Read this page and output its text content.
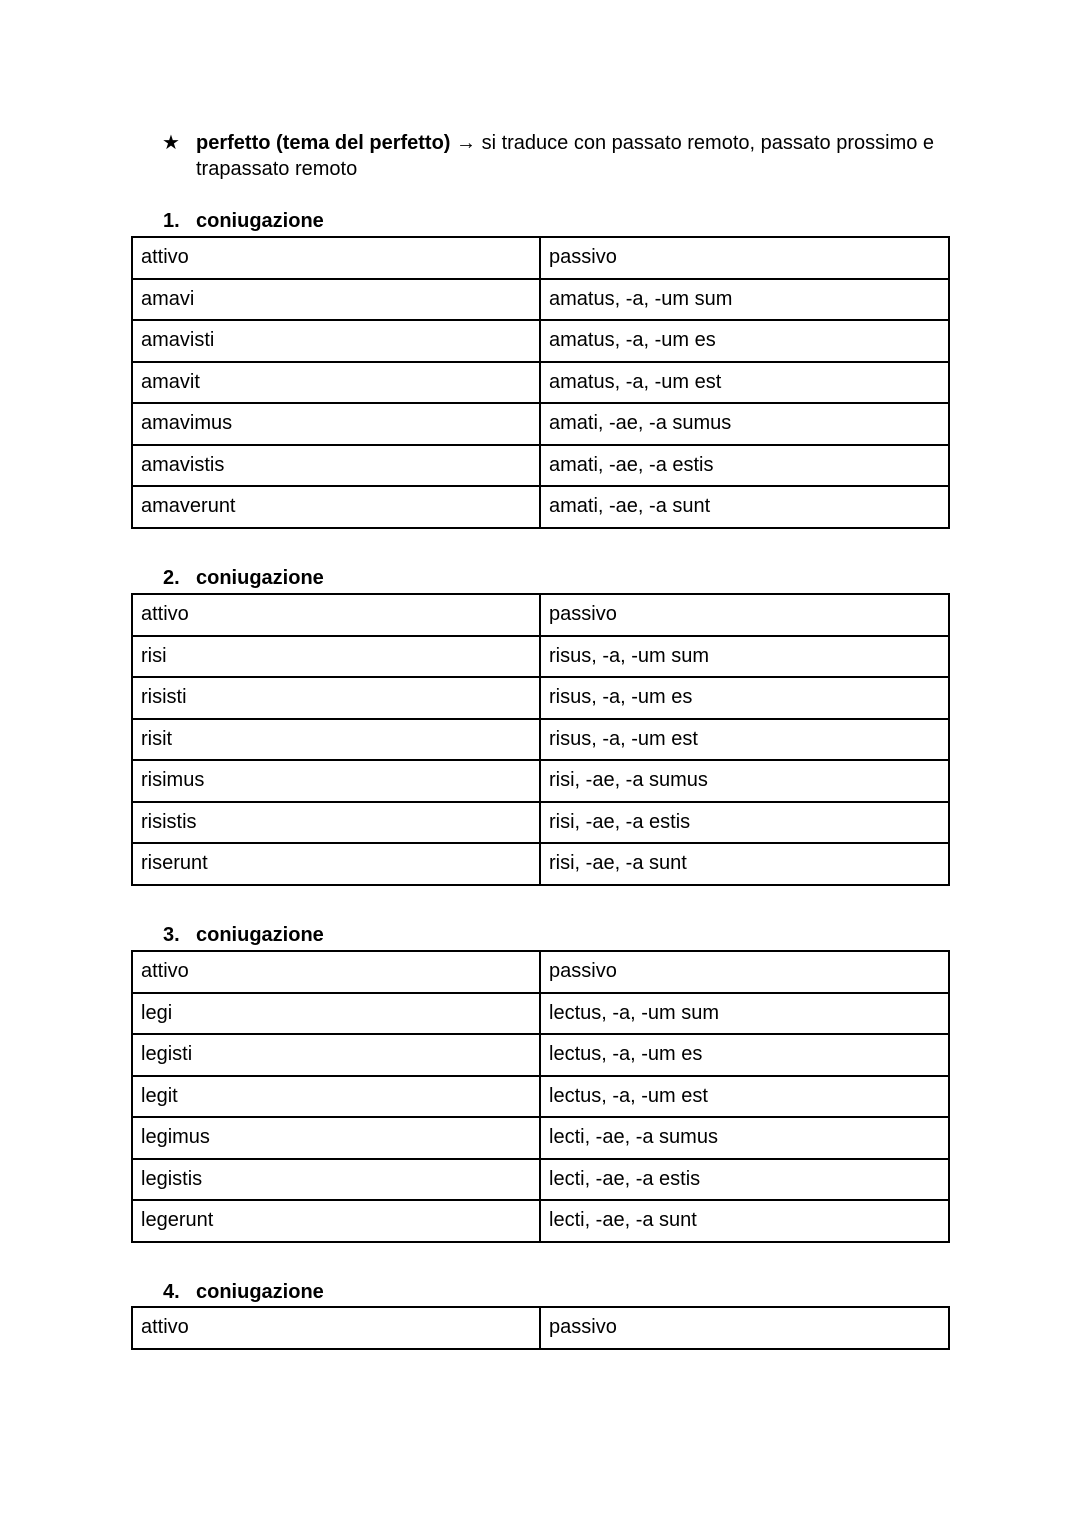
★ perfetto (tema del perfetto) → si traduce con passato remoto, passato prossimo e trapassato remoto
1. coniugazione
attivo	passivo
amavi	amatus, -a, -um sum
amavisti	amatus, -a, -um es
amavit	amatus, -a, -um est
amavimus	amati, -ae, -a sumus
amavistis	amati, -ae, -a estis
amaverunt	amati, -ae, -a sunt
2. coniugazione
attivo	passivo
risi	risus, -a, -um sum
risisti	risus, -a, -um es
risit	risus, -a, -um est
risimus	risi, -ae, -a sumus
risistis	risi, -ae, -a estis
riserunt	risi, -ae, -a sunt
3. coniugazione
attivo	passivo
legi	lectus, -a, -um sum
legisti	lectus, -a, -um es
legit	lectus, -a, -um est
legimus	lecti, -ae, -a sumus
legistis	lecti, -ae, -a estis
legerunt	lecti, -ae, -a sunt
4. coniugazione
attivo	passivo
